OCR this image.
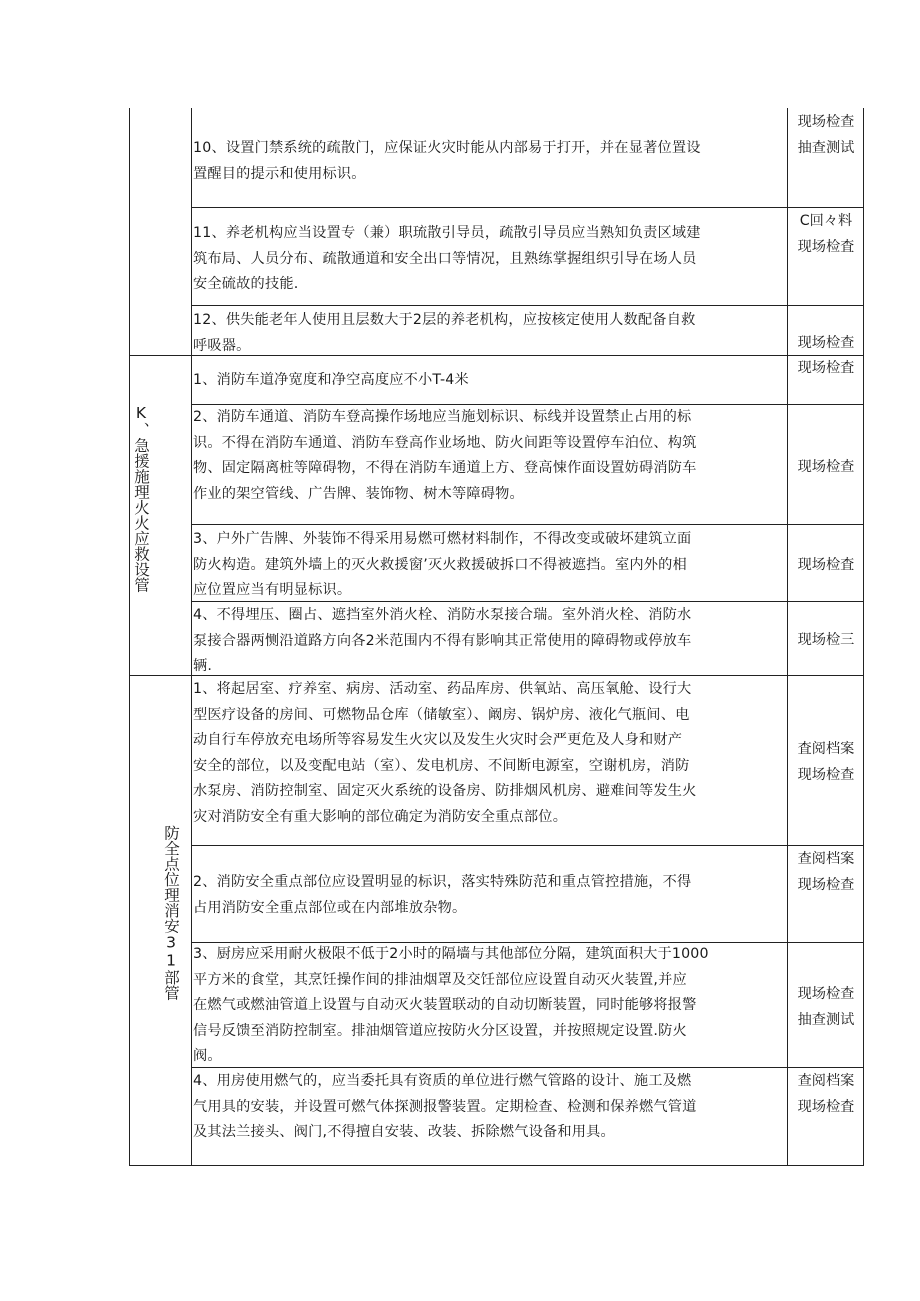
10、设置门禁系统的疏散门，应保证火灾时能从内部易于打开，并在显著位置设
置醒目的提示和使用标识。
现场检查
抽查测试
11、养老机构应当设置专（兼）职琉散引导员，疏散引导员应当熟知负责区域建
筑布局、人员分布、疏散通道和安全出口等情况，且熟练掌握组织引导在场人员
安全硫故的技能.
C回々料
现场检査
12、供失能老年人使用且层数大于2层的养老机构，应按核定使用人数配备自救
呼吸器。	现场检查
K、急援施理火火应救设管
1、消防车道净宽度和净空高度应不小T-4米
现场检査
2、消防车通道、消防车登高操作场地应当施划标识、标线并设置禁止占用的标
识。不得在消防车通道、消防车登高作业场地、防火间距等设置停车泊位、构筑
物、固定隔离桩等障碍物，不得在消防车通道上方、登高悚作面设置妨碍消防车
作业的架空管线、广告牌、装饰物、树木等障碍物。
现场检查
3、户外广告牌、外装饰不得采用易燃可燃材料制作，不得改变或破坏建筑立面
防火构造。建筑外墙上的灭火救援窗’灭火救援破拆口不得被遮挡。室内外的相
应位置应当有明显标识。
现场检査
4、不得埋压、圈占、遮挡室外消火栓、消防水泵接合瑞。室外消火栓、消防水
泵接合器两恻沿道路方向各2米范围内不得有影响其正常使用的障碍物或停放车
辆.
现场检三
防全点位理消安31部管
1、将起居室、疗养室、病房、活动室、药品库房、供氧站、高压氧舱、设行大
型医疗设备的房间、可燃物品仓库（储敏室）、阚房、锅炉房、液化气瓶间、电
动自行车停放充电场所等容易发生火灾以及发生火灾时会严更危及人身和财产
安全的部位，以及变配电站（室）、发电机房、不间断电源室，空谢机房，消防
水泵房、消防控制室、固定灭火系统的设备房、防排烟风机房、避难间等发生火
灾对消防安全有重大影响的部位确定为消防安全重点部位。
査阅档案
现场检查
2、消防安全重点部位应设置明显的标识，落实特殊防范和重点管控措施，不得
占用消防安全重点部位或在内部堆放杂物。
查阅档案
现场检查
3、厨房应采用耐火极限不低于2小时的隔墙与其他部位分隔，建筑面积大于1000
平方米的食堂，其烹饪操作间的排油烟罩及交饪部位应设置自动灭火装置,并应
在燃气或燃油管道上设置与自动灭火装置联动的自动切断装置，同时能够将报警
信号反馈至消防控制室。排油烟管道应按防火分区设置，并按照规定设置.防火
阀。
现场检查
抽查测试
4、用房使用燃气的，应当委托具有资质的单位进行燃气管路的设计、施工及燃
气用具的安装，并设置可燃气体探测报警装置。定期检查、检测和保养燃气管道
及其法兰接头、阀门,不得擅自安装、改装、拆除燃气设备和用具。
查阅档案
现场检査
